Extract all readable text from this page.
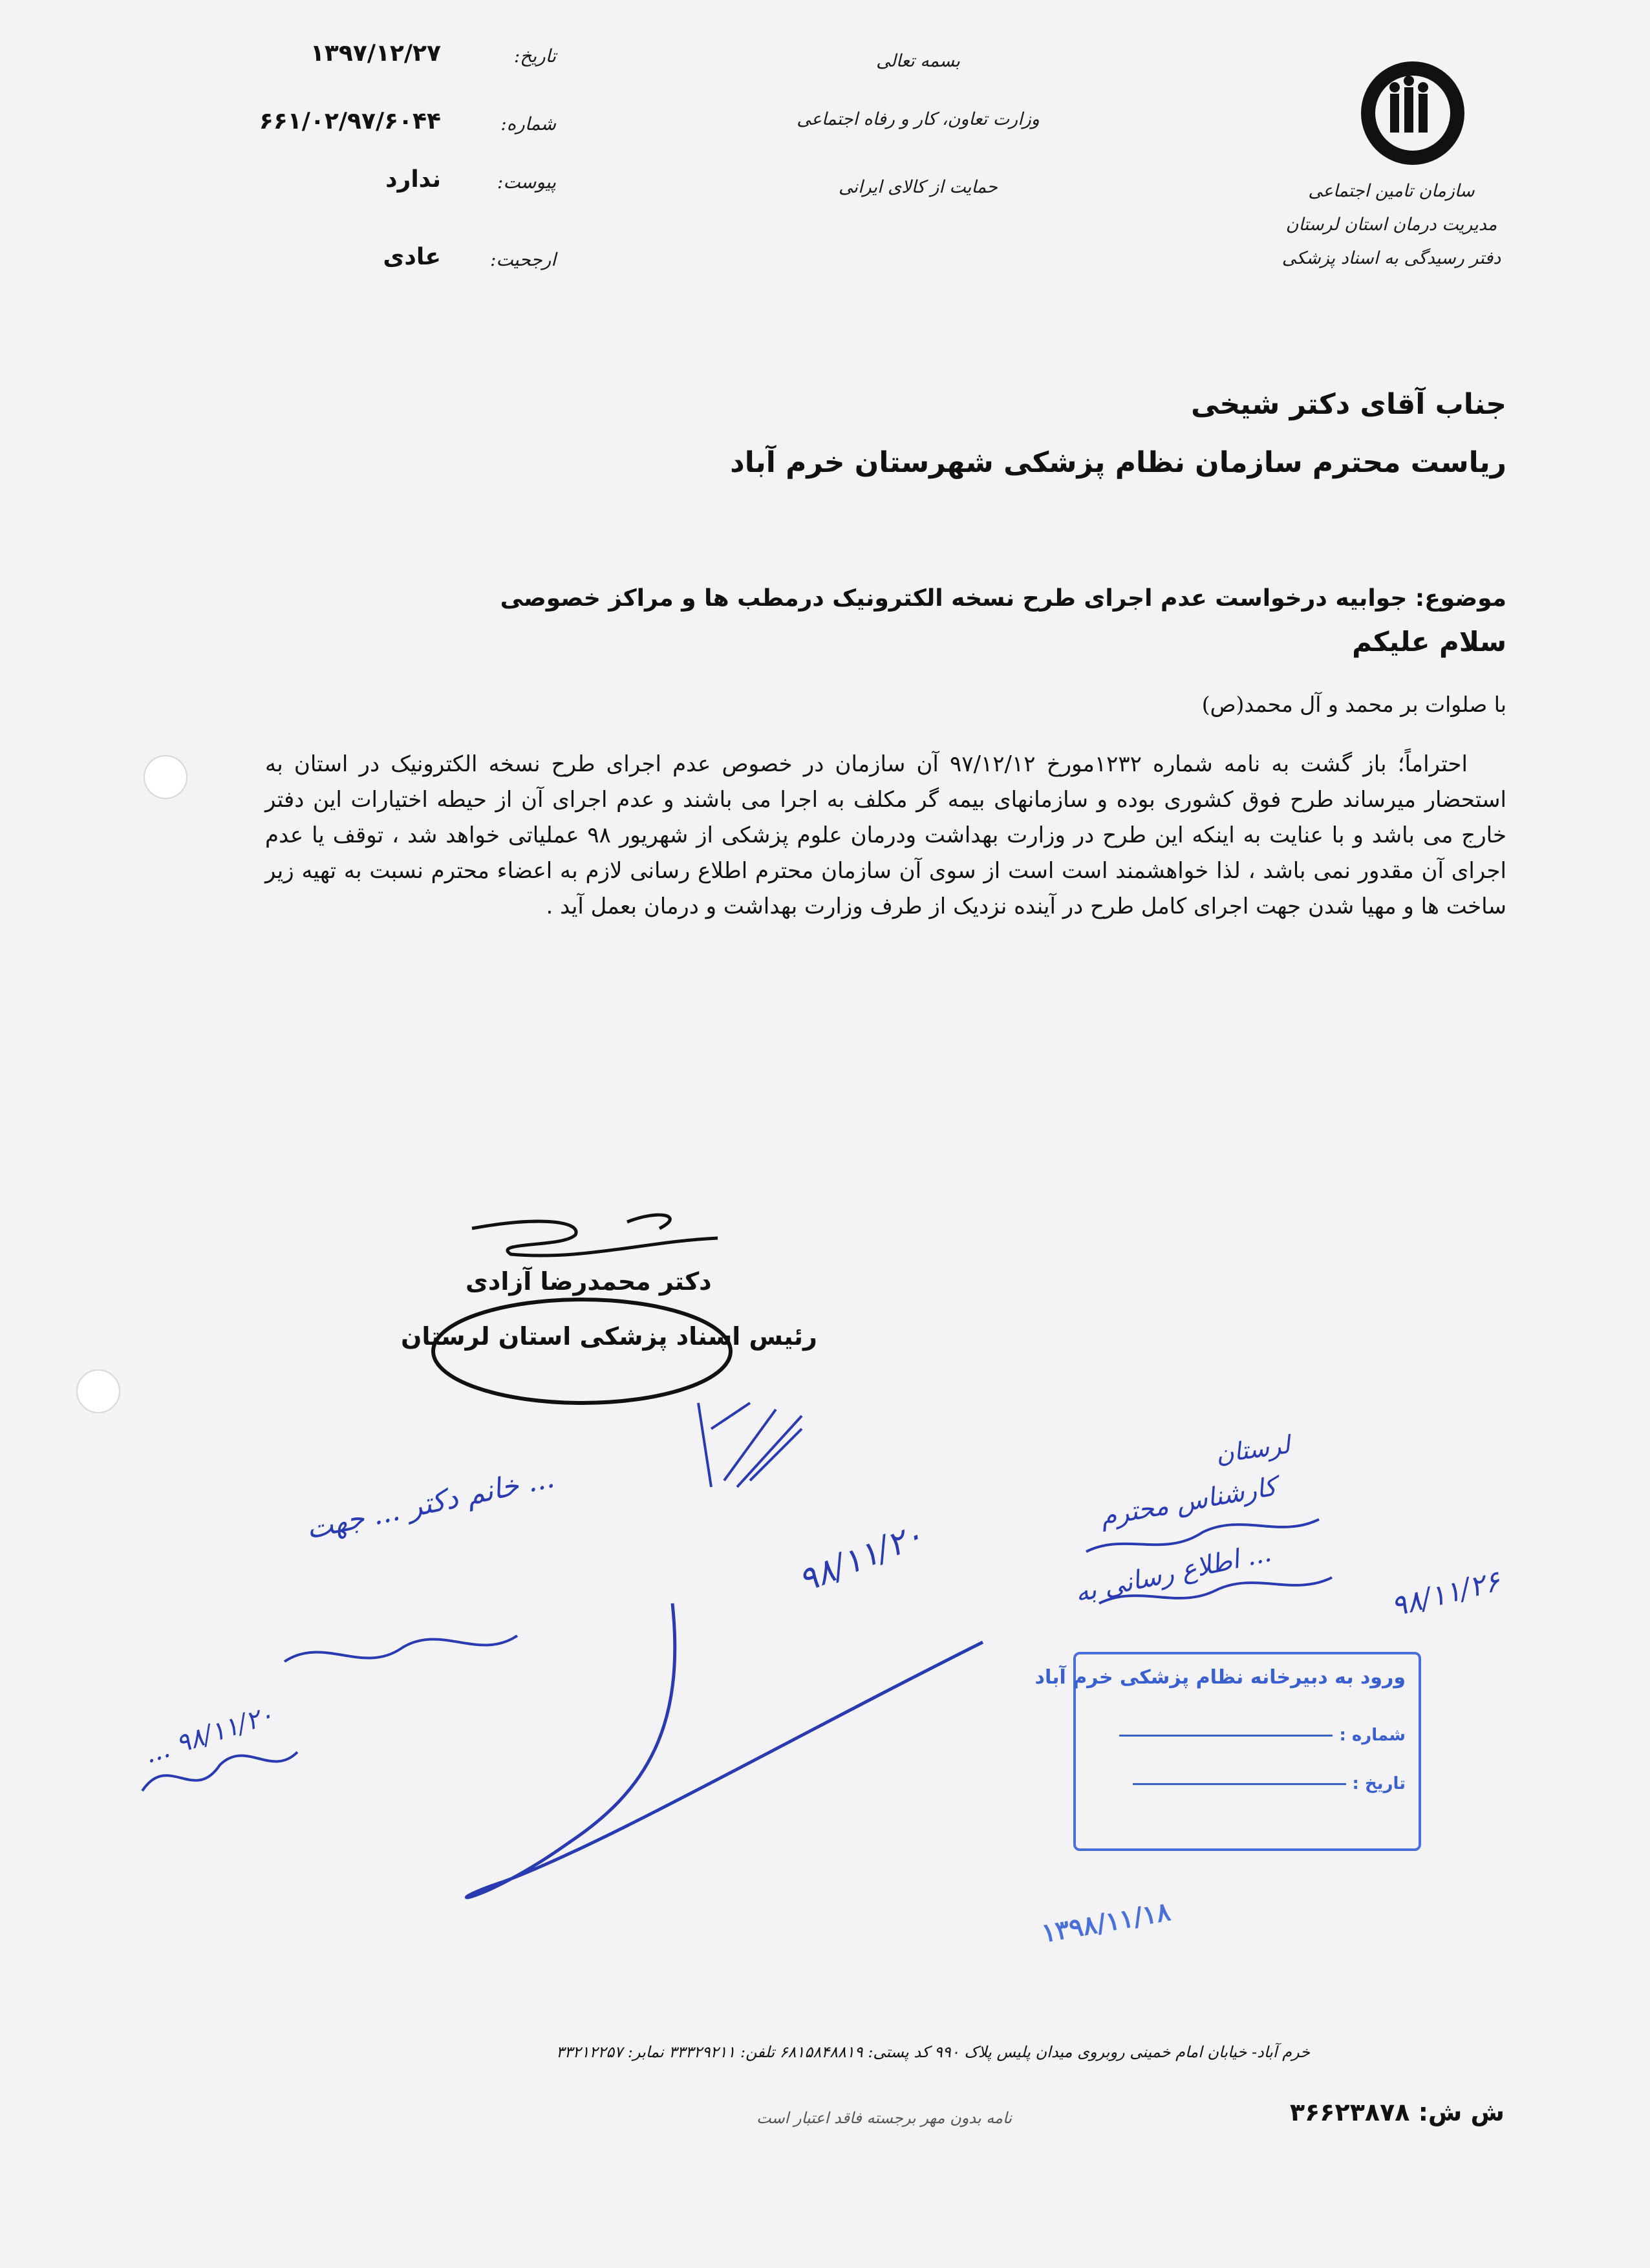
سازمان تامین اجتماعی
مدیریت درمان استان لرستان
دفتر رسیدگی به اسناد پزشکی
بسمه تعالی
وزارت تعاون، کار و رفاه اجتماعی
حمایت از کالای ایرانی
تاریخ:
۱۳۹۷/۱۲/۲۷
شماره:
۶۶۱/۰۲/۹۷/۶۰۴۴
پیوست:
ندارد
ارجحیت:
عادی
جناب آقای دکتر شیخی
ریاست محترم سازمان نظام پزشکی شهرستان خرم آباد
موضوع: جوابیه درخواست عدم اجرای طرح نسخه الکترونیک درمطب ها و مراکز خصوصی
سلام علیکم
با صلوات بر محمد و آل محمد(ص)

احتراماً؛ باز گشت به نامه شماره ۱۲۳۲مورخ ۹۷/۱۲/۱۲ آن سازمان در خصوص عدم اجرای طرح نسخه الکترونیک در استان به استحضار میرساند طرح فوق کشوری بوده و سازمانهای بیمه گر مکلف به اجرا می باشند و عدم اجرای آن از حیطه اختیارات این دفتر خارج می باشد و با عنایت به اینکه این طرح در وزارت بهداشت ودرمان علوم پزشکی از شهریور ۹۸ عملیاتی خواهد شد ، توقف یا عدم اجرای آن مقدور نمی باشد ، لذا خواهشمند است است از سوی آن سازمان محترم اطلاع رسانی لازم به اعضاء محترم نسبت به تهیه زیر ساخت ها و مهیا شدن جهت اجرای کامل طرح در آینده نزدیک از طرف وزارت بهداشت و درمان بعمل آید .

دکتر محمدرضا آزادی
رئیس اسناد پزشکی استان لرستان
خانم دکتر ... جهت ...
... ۹۸/۱۱/۲۰
۹۸/۱۱/۲۰
لرستان
کارشناس محترم
اطلاع رسانی به ...
۹۸/۱۱/۲۶
ورود به دبیرخانه نظام پزشکی خرم آباد
شماره :
تاریخ :
۱۳۹۸/۱۱/۱۸
ش ش: ۳۶۶۲۳۸۷۸
نامه بدون مهر برجسته فاقد اعتبار است
خرم آباد- خیابان امام خمینی روبروی میدان پلیس پلاک ۹۹۰ کد پستی: ۶۸۱۵۸۴۸۸۱۹ تلفن: ۳۳۳۲۹۲۱۱ نمابر: ۳۳۲۱۲۲۵۷
